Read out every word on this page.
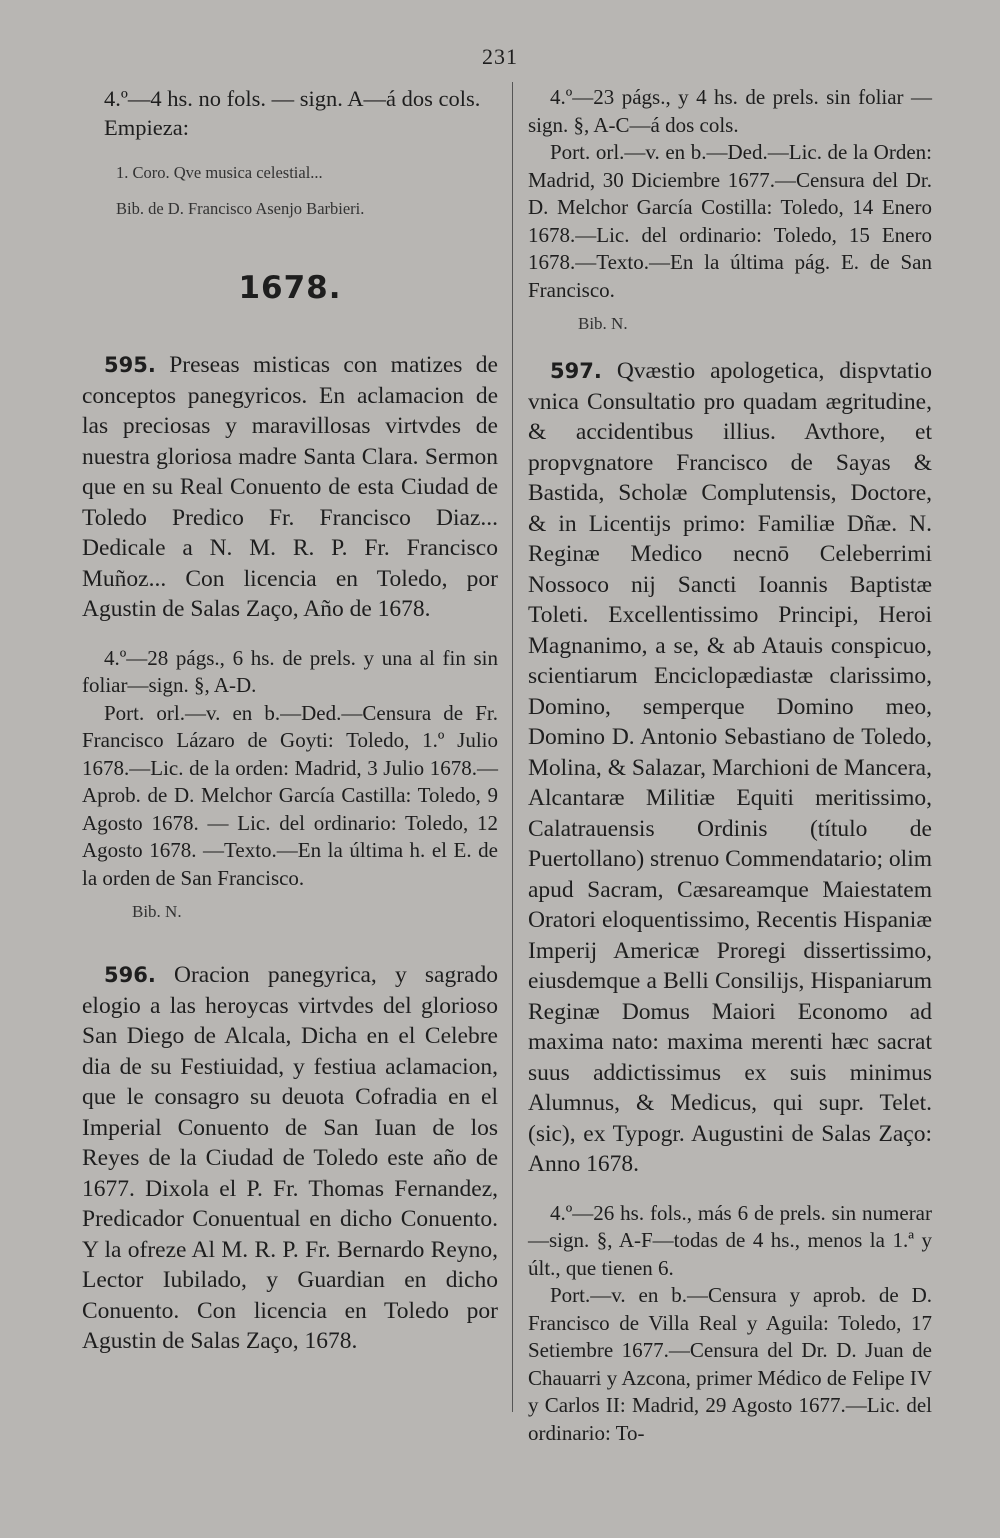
231

4.º—4 hs. no fols. — sign. A—á dos cols.

Empieza:

1. Coro. Qve musica celestial...

Bib. de D. Francisco Asenjo Barbieri.

1678.

595. Preseas misticas con matizes de conceptos panegyricos. En aclamacion de las preciosas y maravillosas virtvdes de nuestra gloriosa madre Santa Clara. Sermon que en su Real Conuento de esta Ciudad de Toledo Predico Fr. Francisco Diaz... Dedicale a N. M. R. P. Fr. Francisco Muñoz... Con licencia en Toledo, por Agustin de Salas Zaço, Año de 1678.

4.º—28 págs., 6 hs. de prels. y una al fin sin foliar—sign. §, A-D.

Port. orl.—v. en b.—Ded.—Censura de Fr. Francisco Lázaro de Goyti: Toledo, 1.º Julio 1678.—Lic. de la orden: Madrid, 3 Julio 1678.—Aprob. de D. Melchor García Castilla: Toledo, 9 Agosto 1678. — Lic. del ordinario: Toledo, 12 Agosto 1678. —Texto.—En la última h. el E. de la orden de San Francisco.

Bib. N.

596. Oracion panegyrica, y sagrado elogio a las heroycas virtvdes del glorioso San Diego de Alcala, Dicha en el Celebre dia de su Festiuidad, y festiua aclamacion, que le consagro su deuota Cofradia en el Imperial Conuento de San Iuan de los Reyes de la Ciudad de Toledo este año de 1677. Dixola el P. Fr. Thomas Fernandez, Predicador Conuentual en dicho Conuento. Y la ofreze Al M. R. P. Fr. Bernardo Reyno, Lector Iubilado, y Guardian en dicho Conuento. Con licencia en Toledo por Agustin de Salas Zaço, 1678.

4.º—23 págs., y 4 hs. de prels. sin foliar —sign. §, A-C—á dos cols.

Port. orl.—v. en b.—Ded.—Lic. de la Orden: Madrid, 30 Diciembre 1677.—Censura del Dr. D. Melchor García Costilla: Toledo, 14 Enero 1678.—Lic. del ordinario: Toledo, 15 Enero 1678.—Texto.—En la última pág. E. de San Francisco.

Bib. N.

597. Qvæstio apologetica, dispvtatio vnica Consultatio pro quadam ægritudine, & accidentibus illius. Avthore, et propvgnatore Francisco de Sayas & Bastida, Scholæ Complutensis, Doctore, & in Licentijs primo: Familiæ Dñæ. N. Reginæ Medico necnō Celeberrimi Nossoco nij Sancti Ioannis Baptistæ Toleti. Excellentissimo Principi, Heroi Magnanimo, a se, & ab Atauis conspicuo, scientiarum Enciclopædiastæ clarissimo, Domino, semperque Domino meo, Domino D. Antonio Sebastiano de Toledo, Molina, & Salazar, Marchioni de Mancera, Alcantaræ Militiæ Equiti meritissimo, Calatrauensis Ordinis (título de Puertollano) strenuo Commendatario; olim apud Sacram, Cæsareamque Maiestatem Oratori eloquentissimo, Recentis Hispaniæ Imperij Americæ Proregi dissertissimo, eiusdemque a Belli Consilijs, Hispaniarum Reginæ Domus Maiori Economo ad maxima nato: maxima merenti hæc sacrat suus addictissimus ex suis minimus Alumnus, & Medicus, qui supr. Telet. (sic), ex Typogr. Augustini de Salas Zaço: Anno 1678.

4.º—26 hs. fols., más 6 de prels. sin numerar—sign. §, A-F—todas de 4 hs., menos la 1.ª y últ., que tienen 6.

Port.—v. en b.—Censura y aprob. de D. Francisco de Villa Real y Aguila: Toledo, 17 Setiembre 1677.—Censura del Dr. D. Juan de Chauarri y Azcona, primer Médico de Felipe IV y Carlos II: Madrid, 29 Agosto 1677.—Lic. del ordinario: To-
